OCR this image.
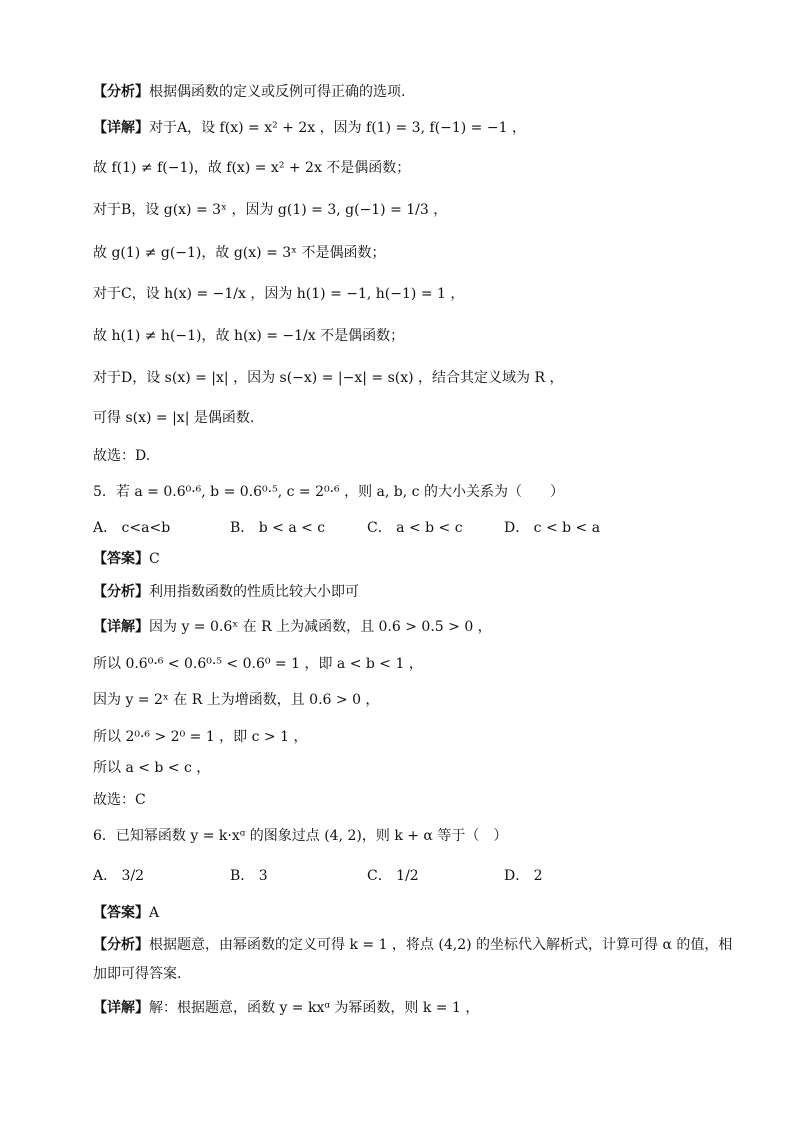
【分析】根据偶函数的定义或反例可得正确的选项.
【详解】对于A，设 f(x) = x² + 2x ，因为 f(1) = 3, f(−1) = −1 ，
故 f(1) ≠ f(−1)，故 f(x) = x² + 2x 不是偶函数；
对于B，设 g(x) = 3ˣ ，因为 g(1) = 3, g(−1) = 1/3 ，
故 g(1) ≠ g(−1)，故 g(x) = 3ˣ 不是偶函数；
对于C，设 h(x) = −1/x ，因为 h(1) = −1, h(−1) = 1 ，
故 h(1) ≠ h(−1)，故 h(x) = −1/x 不是偶函数；
对于D，设 s(x) = |x| ，因为 s(−x) = |−x| = s(x) ，结合其定义域为 R ，
可得 s(x) = |x| 是偶函数.
故选：D.
5．若 a = 0.6⁰·⁶, b = 0.6⁰·⁵, c = 2⁰·⁶ ，则 a, b, c 的大小关系为（　　）
A． c<a<b	B． b < a < c	C． a < b < c	D． c < b < a
【答案】C
【分析】利用指数函数的性质比较大小即可
【详解】因为 y = 0.6ˣ 在 R 上为减函数，且 0.6 > 0.5 > 0 ，
所以 0.6⁰·⁶ < 0.6⁰·⁵ < 0.6⁰ = 1 ，即 a < b < 1 ，
因为 y = 2ˣ 在 R 上为增函数，且 0.6 > 0 ，
所以 2⁰·⁶ > 2⁰ = 1 ，即 c > 1 ，
所以 a < b < c ，
故选：C
6．已知幂函数 y = k·xᵅ 的图象过点 (4, 2)，则 k + α 等于（　）
A． 3/2	B． 3	C． 1/2	D． 2
【答案】A
【分析】根据题意，由幂函数的定义可得 k = 1 ，将点 (4,2) 的坐标代入解析式，计算可得 α 的值，相
加即可得答案．
【详解】解：根据题意，函数 y = kxᵅ 为幂函数，则 k = 1 ，
